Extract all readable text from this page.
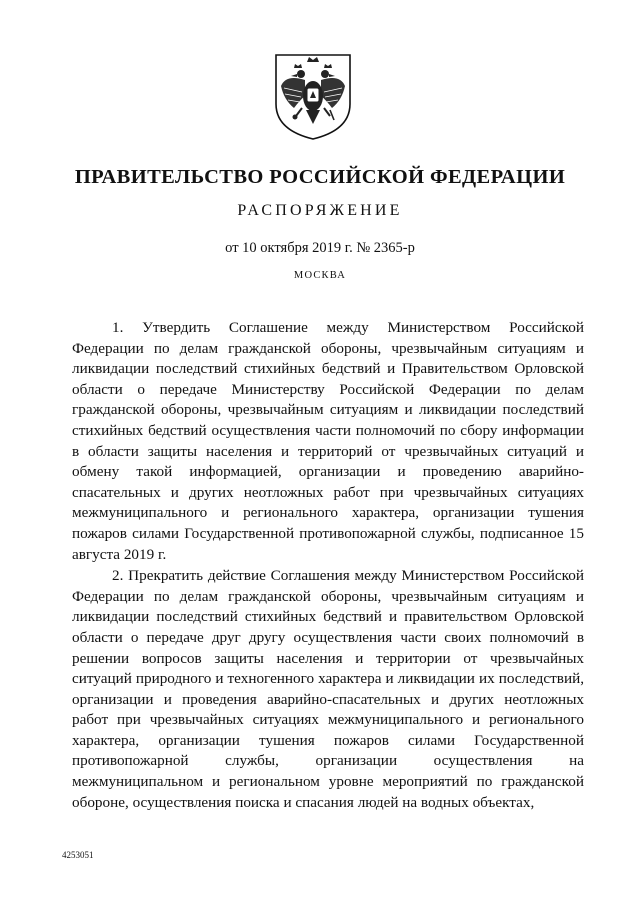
ПРАВИТЕЛЬСТВО РОССИЙСКОЙ ФЕДЕРАЦИИ
РАСПОРЯЖЕНИЕ
от 10 октября 2019 г. № 2365-р
МОСКВА

1. Утвердить Соглашение между Министерством Российской Федерации по делам гражданской обороны, чрезвычайным ситуациям и ликвидации последствий стихийных бедствий и Правительством Орловской области о передаче Министерству Российской Федерации по делам гражданской обороны, чрезвычайным ситуациям и ликвидации последствий стихийных бедствий осуществления части полномочий по сбору информации в области защиты населения и территорий от чрезвычайных ситуаций и обмену такой информацией, организации и проведению аварийно-спасательных и других неотложных работ при чрезвычайных ситуациях межмуниципального и регионального характера, организации тушения пожаров силами Государственной противопожарной службы, подписанное 15 августа 2019 г.

2. Прекратить действие Соглашения между Министерством Российской Федерации по делам гражданской обороны, чрезвычайным ситуациям и ликвидации последствий стихийных бедствий и правительством Орловской области о передаче друг другу осуществления части своих полномочий в решении вопросов защиты населения и территории от чрезвычайных ситуаций природного и техногенного характера и ликвидации их последствий, организации и проведения аварийно-спасательных и других неотложных работ при чрезвычайных ситуациях межмуниципального и регионального характера, организации тушения пожаров силами Государственной противопожарной службы, организации осуществления на межмуниципальном и региональном уровне мероприятий по гражданской обороне, осуществления поиска и спасания людей на водных объектах,

4253051
